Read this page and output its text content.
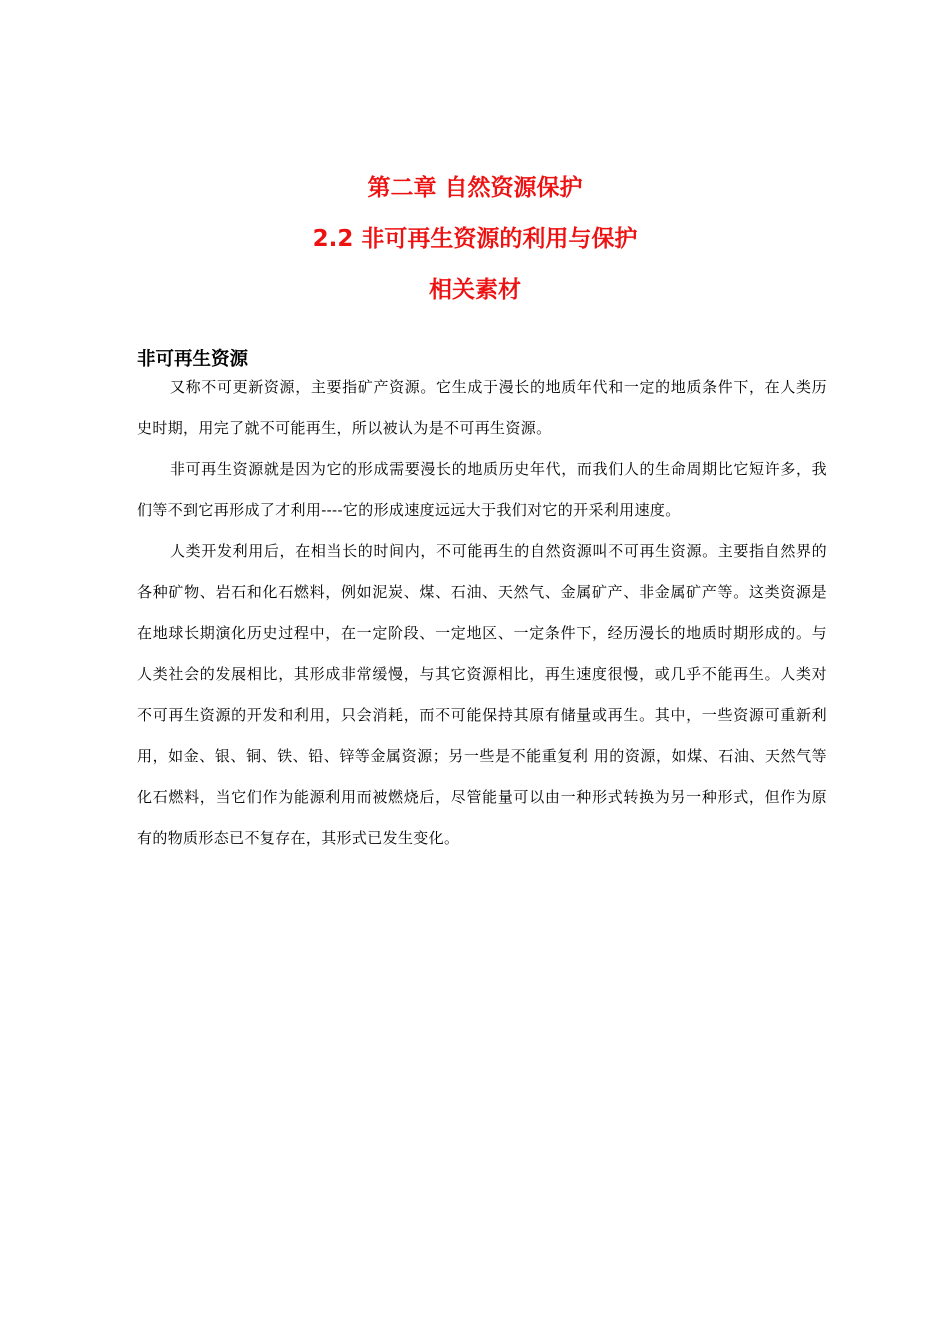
第二章 自然资源保护
2.2 非可再生资源的利用与保护
相关素材
非可再生资源

又称不可更新资源，主要指矿产资源。它生成于漫长的地质年代和一定的地质条件下，在人类历史时期，用完了就不可能再生，所以被认为是不可再生资源。

非可再生资源就是因为它的形成需要漫长的地质历史年代，而我们人的生命周期比它短许多，我们等不到它再形成了才利用----它的形成速度远远大于我们对它的开采利用速度。

人类开发利用后，在相当长的时间内，不可能再生的自然资源叫不可再生资源。主要指自然界的各种矿物、岩石和化石燃料，例如泥炭、煤、石油、天然气、金属矿产、非金属矿产等。这类资源是在地球长期演化历史过程中，在一定阶段、一定地区、一定条件下，经历漫长的地质时期形成的。与人类社会的发展相比，其形成非常缓慢，与其它资源相比，再生速度很慢，或几乎不能再生。人类对不可再生资源的开发和利用，只会消耗，而不可能保持其原有储量或再生。其中，一些资源可重新利用，如金、银、铜、铁、铅、锌等金属资源；另一些是不能重复利 用的资源，如煤、石油、天然气等化石燃料，当它们作为能源利用而被燃烧后，尽管能量可以由一种形式转换为另一种形式，但作为原有的物质形态已不复存在，其形式已发生变化。
